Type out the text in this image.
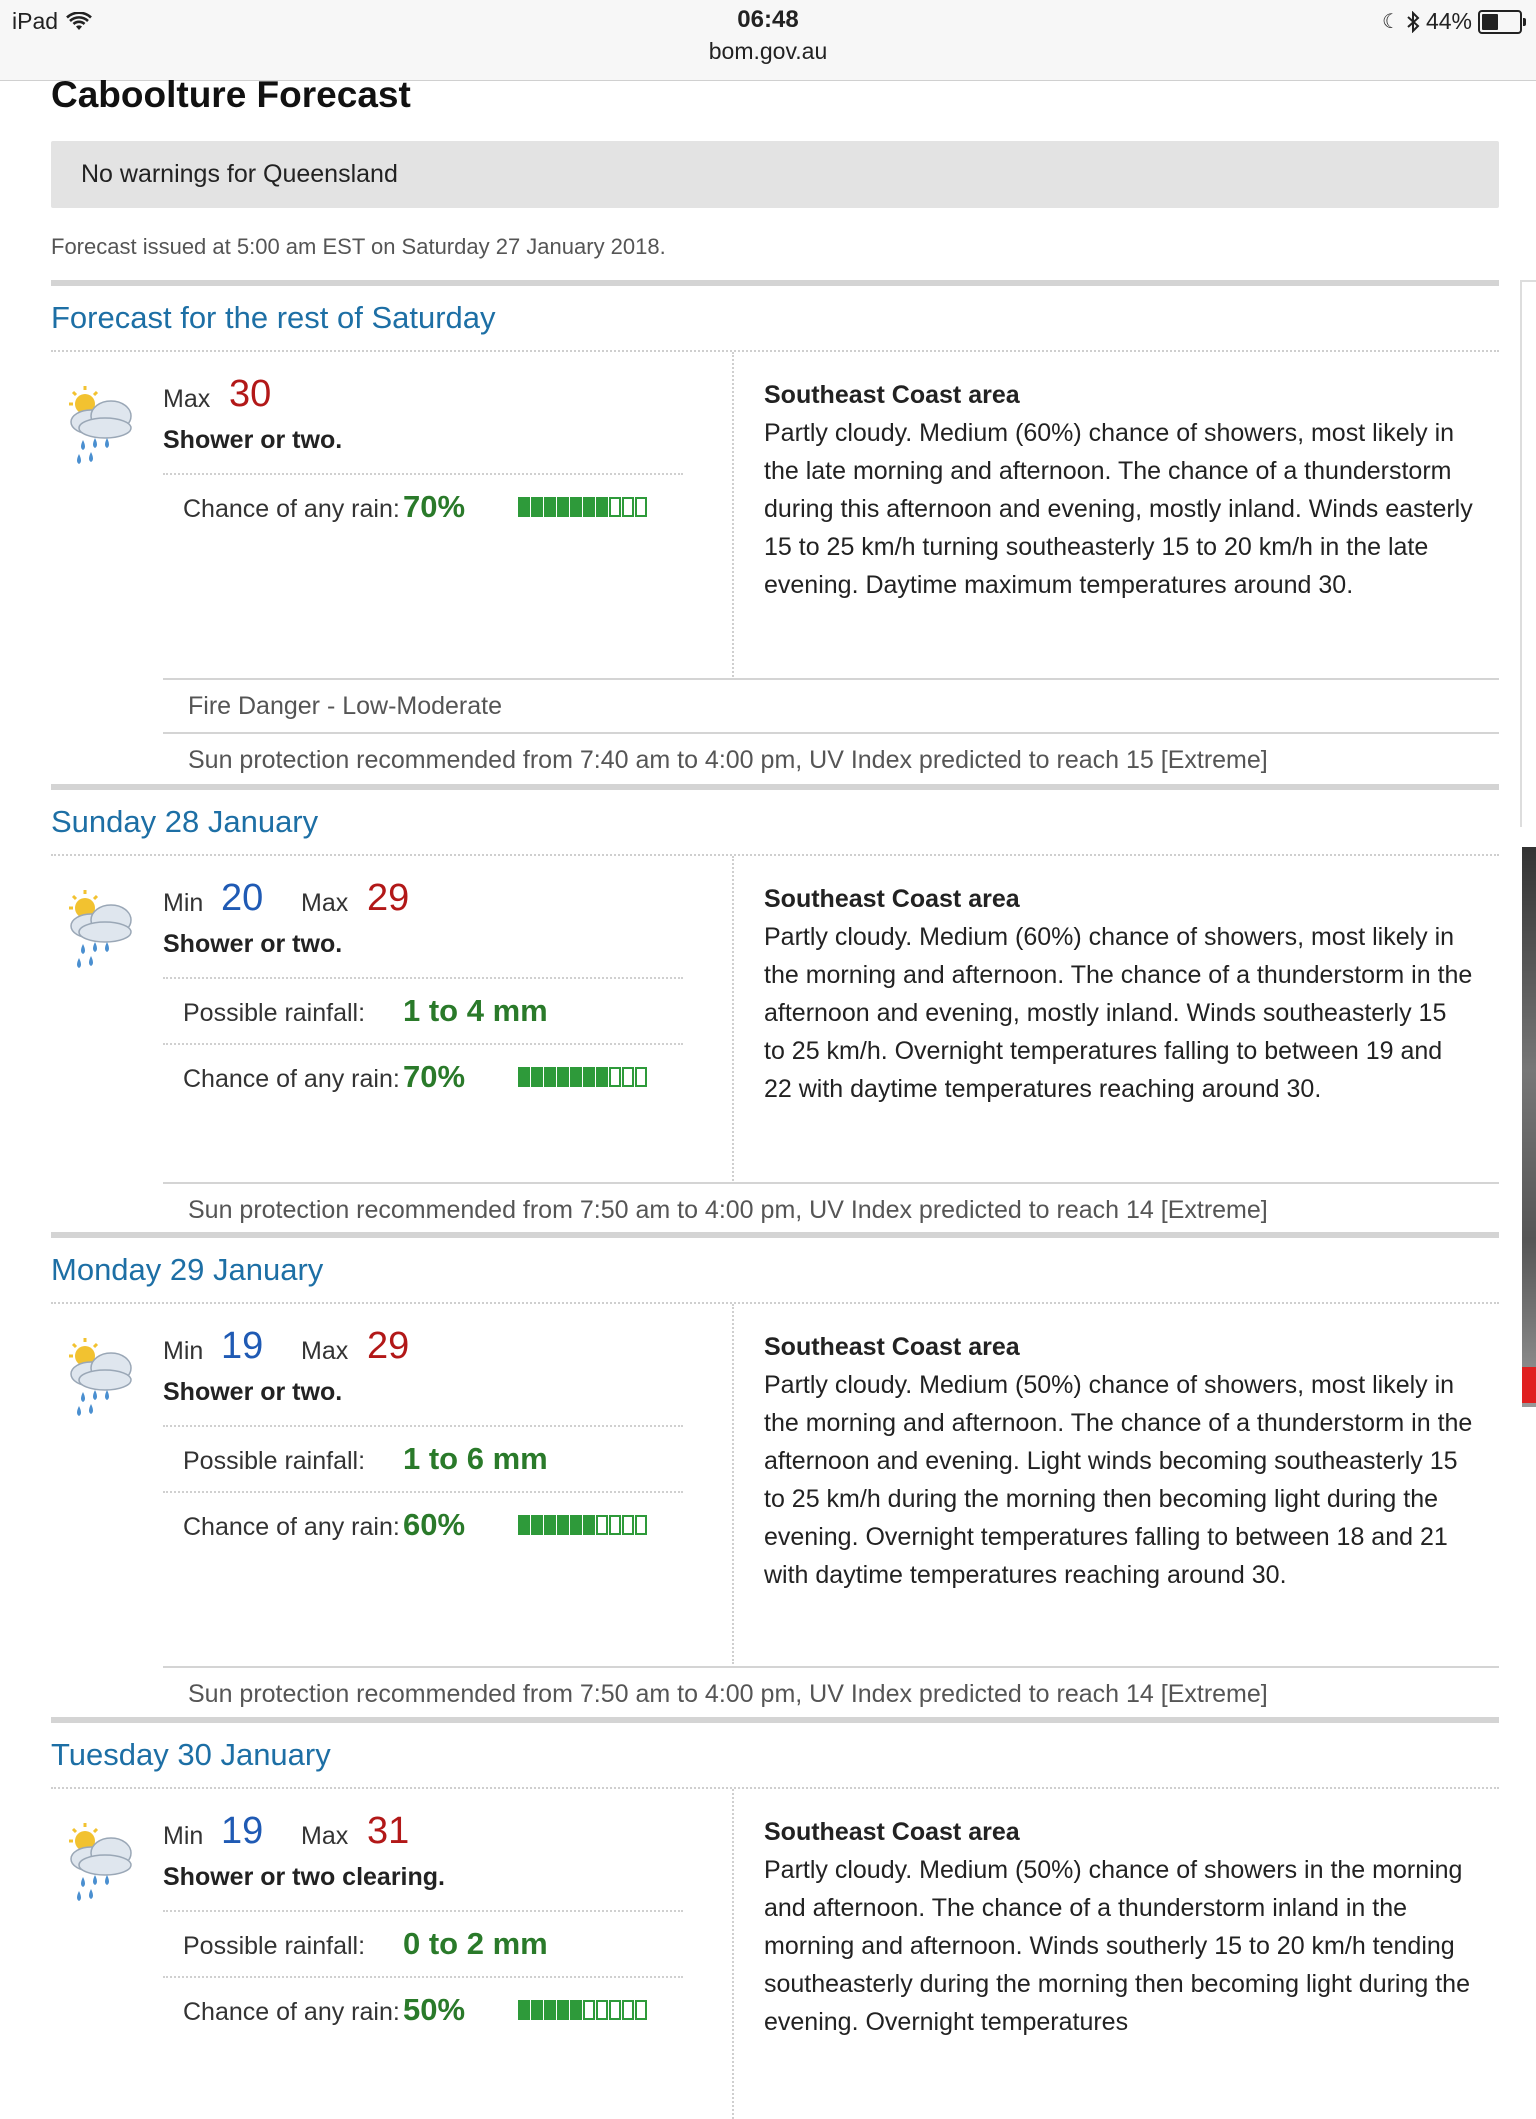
iPad	06:48
bom.gov.au
☾ 44%
Caboolture Forecast
No warnings for Queensland
Forecast issued at 5:00 am EST on Saturday 27 January 2018.
Forecast for the rest of Saturday
Max 30
Shower or two.
Chance of any rain: 70%
Southeast Coast area
Partly cloudy. Medium (60%) chance of showers, most likely in the late morning and afternoon. The chance of a thunderstorm during this afternoon and evening, mostly inland. Winds easterly 15 to 25 km/h turning southeasterly 15 to 20 km/h in the late evening. Daytime maximum temperatures around 30.
Fire Danger - Low-Moderate
Sun protection recommended from 7:40 am to 4:00 pm, UV Index predicted to reach 15 [Extreme]
Sunday 28 January
Min 20 Max 29
Shower or two.
Possible rainfall: 1 to 4 mm
Chance of any rain: 70%
Southeast Coast area
Partly cloudy. Medium (60%) chance of showers, most likely in the morning and afternoon. The chance of a thunderstorm in the afternoon and evening, mostly inland. Winds southeasterly 15 to 25 km/h. Overnight temperatures falling to between 19 and 22 with daytime temperatures reaching around 30.
Sun protection recommended from 7:50 am to 4:00 pm, UV Index predicted to reach 14 [Extreme]
Monday 29 January
Min 19 Max 29
Shower or two.
Possible rainfall: 1 to 6 mm
Chance of any rain: 60%
Southeast Coast area
Partly cloudy. Medium (50%) chance of showers, most likely in the morning and afternoon. The chance of a thunderstorm in the afternoon and evening. Light winds becoming southeasterly 15 to 25 km/h during the morning then becoming light during the evening. Overnight temperatures falling to between 18 and 21 with daytime temperatures reaching around 30.
Sun protection recommended from 7:50 am to 4:00 pm, UV Index predicted to reach 14 [Extreme]
Tuesday 30 January
Min 19 Max 31
Shower or two clearing.
Possible rainfall: 0 to 2 mm
Chance of any rain: 50%
Southeast Coast area
Partly cloudy. Medium (50%) chance of showers in the morning and afternoon. The chance of a thunderstorm inland in the morning and afternoon. Winds southerly 15 to 20 km/h tending southeasterly during the morning then becoming light during the evening. Overnight temperatures
